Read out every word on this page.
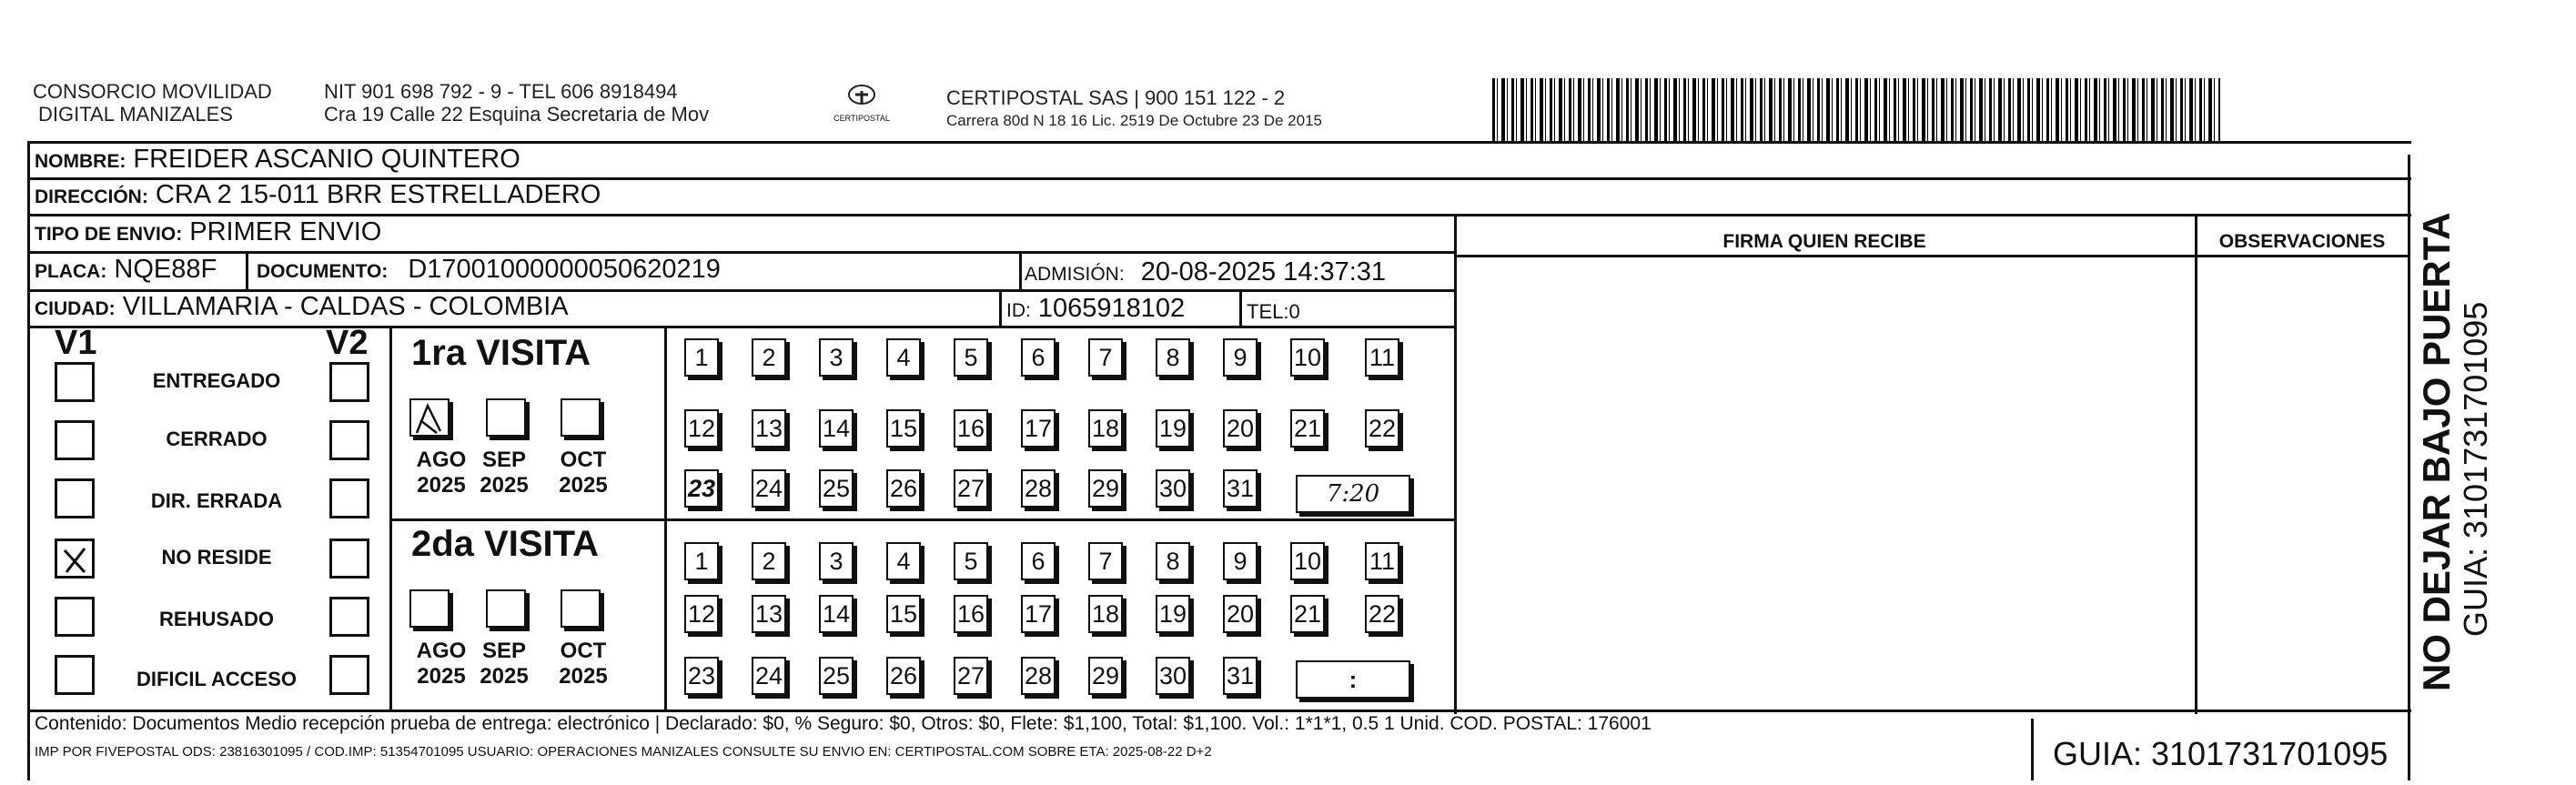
CONSORCIO MOVILIDAD
DIGITAL MANIZALES
NIT 901 698 792 - 9 - TEL 606 8918494
Cra 19 Calle 22 Esquina Secretaria de Mov	CERTIPOSTAL
CERTIPOSTAL SAS | 900 151 122 - 2
Carrera 80d N 18 16 Lic. 2519 De Octubre 23 De 2015
NOMBRE: FREIDER ASCANIO QUINTERO
DIRECCIÓN: CRA 2 15-011 BRR ESTRELLADERO
TIPO DE ENVIO: PRIMER ENVIO
PLACA: NQE88F DOCUMENTO: D17001000000050620219	ADMISIÓN: 20-08-2025 14:37:31
CIUDAD: VILLAMARIA - CALDAS - COLOMBIA	ID: 1065918102	TEL:0
FIRMA QUIEN RECIBE	OBSERVACIONES
V1	V2
ENTREGADO
CERRADO
DIR. ERRADA
NO RESIDE
REHUSADO
DIFICIL ACCESO
1ra VISITA
2da VISITA
AGO
2025
SEP
2025
OCT
2025
AGO
2025
SEP
2025
OCT
2025
1	2	3	4	5	6	7	8	9	10 11
12 13 14 15 16 17 18 19 20 21 22
23 24 25 26 27 28 29 30 31
1	2	3	4	5	6	7	8	9	10 11
12 13 14 15 16 17 18 19 20 21 22
23 24 25 26 27 28 29 30 31
7:20
:
Contenido: Documentos Medio recepción prueba de entrega: electrónico | Declarado: $0, % Seguro: $0, Otros: $0, Flete: $1,100, Total: $1,100. Vol.: 1*1*1, 0.5 1 Unid. COD. POSTAL: 176001
IMP POR FIVEPOSTAL ODS: 23816301095 / COD.IMP: 51354701095 USUARIO: OPERACIONES MANIZALES CONSULTE SU ENVIO EN: CERTIPOSTAL.COM SOBRE ETA: 2025-08-22 D+2	GUIA: 3101731701095
NO DEJAR BAJO PUERTA GUIA: 3101731701095
